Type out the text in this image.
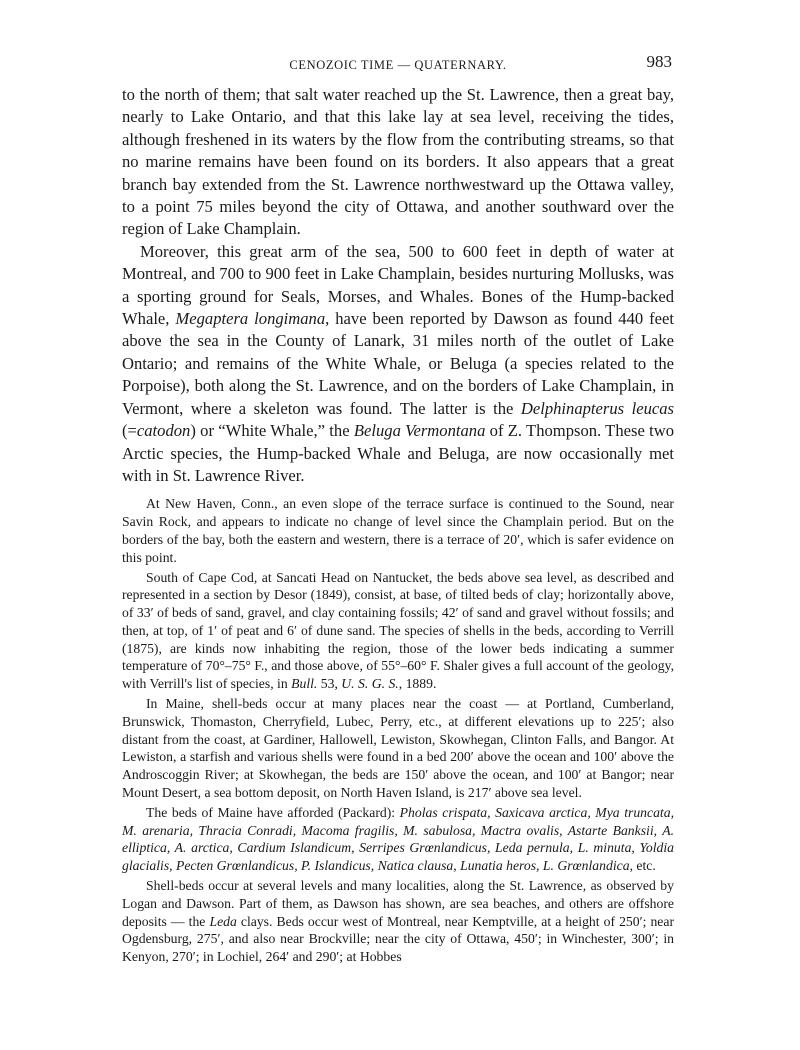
CENOZOIC TIME — QUATERNARY.	983

to the north of them; that salt water reached up the St. Lawrence, then a great bay, nearly to Lake Ontario, and that this lake lay at sea level, receiving the tides, although freshened in its waters by the flow from the contributing streams, so that no marine remains have been found on its borders. It also appears that a great branch bay extended from the St. Lawrence northwestward up the Ottawa valley, to a point 75 miles beyond the city of Ottawa, and another southward over the region of Lake Champlain.

Moreover, this great arm of the sea, 500 to 600 feet in depth of water at Montreal, and 700 to 900 feet in Lake Champlain, besides nurturing Mollusks, was a sporting ground for Seals, Morses, and Whales. Bones of the Hump-backed Whale, Megaptera longimana, have been reported by Dawson as found 440 feet above the sea in the County of Lanark, 31 miles north of the outlet of Lake Ontario; and remains of the White Whale, or Beluga (a species related to the Porpoise), both along the St. Lawrence, and on the borders of Lake Champlain, in Vermont, where a skeleton was found. The latter is the Delphinapterus leucas (=catodon) or “White Whale,” the Beluga Vermontana of Z. Thompson. These two Arctic species, the Hump-backed Whale and Beluga, are now occasionally met with in St. Lawrence River.

At New Haven, Conn., an even slope of the terrace surface is continued to the Sound, near Savin Rock, and appears to indicate no change of level since the Champlain period. But on the borders of the bay, both the eastern and western, there is a terrace of 20′, which is safer evidence on this point.

South of Cape Cod, at Sancati Head on Nantucket, the beds above sea level, as described and represented in a section by Desor (1849), consist, at base, of tilted beds of clay; horizontally above, of 33′ of beds of sand, gravel, and clay containing fossils; 42′ of sand and gravel without fossils; and then, at top, of 1′ of peat and 6′ of dune sand. The species of shells in the beds, according to Verrill (1875), are kinds now inhabiting the region, those of the lower beds indicating a summer temperature of 70°–75° F., and those above, of 55°–60° F. Shaler gives a full account of the geology, with Verrill's list of species, in Bull. 53, U. S. G. S., 1889.

In Maine, shell-beds occur at many places near the coast — at Portland, Cumberland, Brunswick, Thomaston, Cherryfield, Lubec, Perry, etc., at different elevations up to 225′; also distant from the coast, at Gardiner, Hallowell, Lewiston, Skowhegan, Clinton Falls, and Bangor. At Lewiston, a starfish and various shells were found in a bed 200′ above the ocean and 100′ above the Androscoggin River; at Skowhegan, the beds are 150′ above the ocean, and 100′ at Bangor; near Mount Desert, a sea bottom deposit, on North Haven Island, is 217′ above sea level.

The beds of Maine have afforded (Packard): Pholas crispata, Saxicava arctica, Mya truncata, M. arenaria, Thracia Conradi, Macoma fragilis, M. sabulosa, Mactra ovalis, Astarte Banksii, A. elliptica, A. arctica, Cardium Islandicum, Serripes Grœnlandicus, Leda pernula, L. minuta, Yoldia glacialis, Pecten Grœnlandicus, P. Islandicus, Natica clausa, Lunatia heros, L. Grœnlandica, etc.

Shell-beds occur at several levels and many localities, along the St. Lawrence, as observed by Logan and Dawson. Part of them, as Dawson has shown, are sea beaches, and others are offshore deposits — the Leda clays. Beds occur west of Montreal, near Kemptville, at a height of 250′; near Ogdensburg, 275′, and also near Brockville; near the city of Ottawa, 450′; in Winchester, 300′; in Kenyon, 270′; in Lochiel, 264′ and 290′; at Hobbes
